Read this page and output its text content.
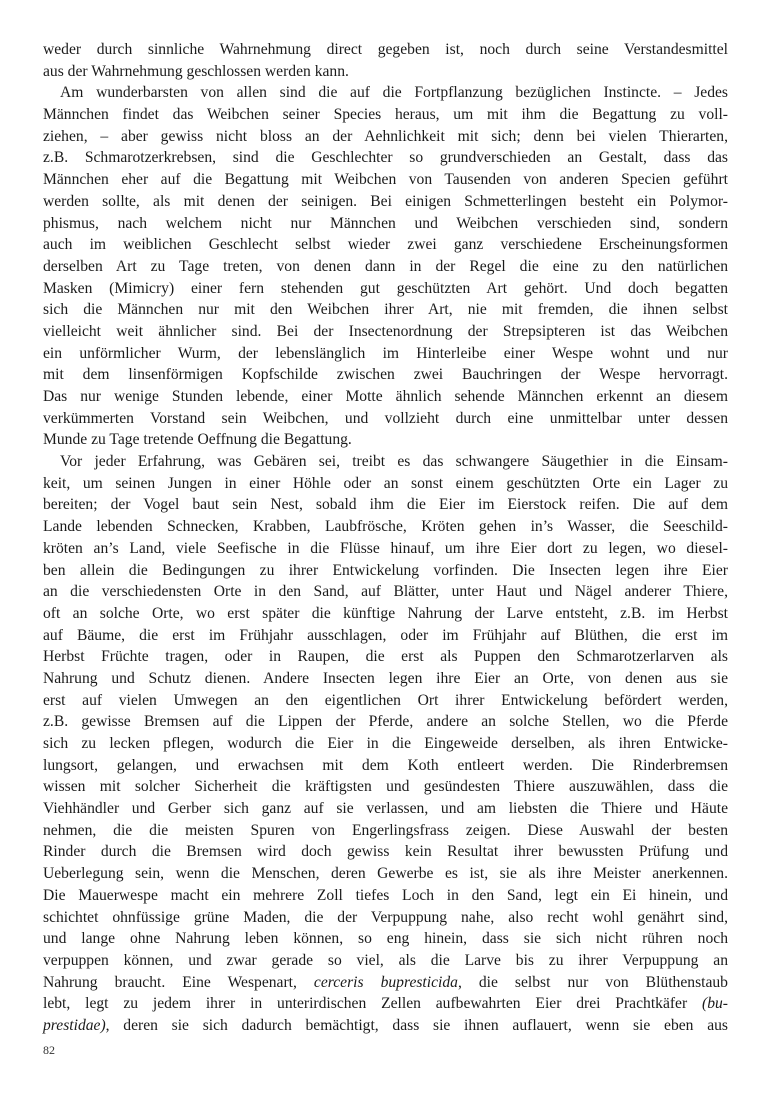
weder durch sinnliche Wahrnehmung direct gegeben ist, noch durch seine Verstandesmittel
aus der Wahrnehmung geschlossen werden kann.
Am wunderbarsten von allen sind die auf die Fortpflanzung bezüglichen Instincte. – Jedes
Männchen findet das Weibchen seiner Species heraus, um mit ihm die Begattung zu voll-
ziehen, – aber gewiss nicht bloss an der Aehnlichkeit mit sich; denn bei vielen Thierarten,
z.B. Schmarotzerkrebsen, sind die Geschlechter so grundverschieden an Gestalt, dass das
Männchen eher auf die Begattung mit Weibchen von Tausenden von anderen Specien geführt
werden sollte, als mit denen der seinigen. Bei einigen Schmetterlingen besteht ein Polymor-
phismus, nach welchem nicht nur Männchen und Weibchen verschieden sind, sondern
auch im weiblichen Geschlecht selbst wieder zwei ganz verschiedene Erscheinungsformen
derselben Art zu Tage treten, von denen dann in der Regel die eine zu den natürlichen
Masken (Mimicry) einer fern stehenden gut geschützten Art gehört. Und doch begatten
sich die Männchen nur mit den Weibchen ihrer Art, nie mit fremden, die ihnen selbst
vielleicht weit ähnlicher sind. Bei der Insectenordnung der Strepsipteren ist das Weibchen
ein unförmlicher Wurm, der lebenslänglich im Hinterleibe einer Wespe wohnt und nur
mit dem linsenförmigen Kopfschilde zwischen zwei Bauchringen der Wespe hervorragt.
Das nur wenige Stunden lebende, einer Motte ähnlich sehende Männchen erkennt an diesem
verkümmerten Vorstand sein Weibchen, und vollzieht durch eine unmittelbar unter dessen
Munde zu Tage tretende Oeffnung die Begattung.
Vor jeder Erfahrung, was Gebären sei, treibt es das schwangere Säugethier in die Einsam-
keit, um seinen Jungen in einer Höhle oder an sonst einem geschützten Orte ein Lager zu
bereiten; der Vogel baut sein Nest, sobald ihm die Eier im Eierstock reifen. Die auf dem
Lande lebenden Schnecken, Krabben, Laubfrösche, Kröten gehen in’s Wasser, die Seeschild-
kröten an’s Land, viele Seefische in die Flüsse hinauf, um ihre Eier dort zu legen, wo diesel-
ben allein die Bedingungen zu ihrer Entwickelung vorfinden. Die Insecten legen ihre Eier
an die verschiedensten Orte in den Sand, auf Blätter, unter Haut und Nägel anderer Thiere,
oft an solche Orte, wo erst später die künftige Nahrung der Larve entsteht, z.B. im Herbst
auf Bäume, die erst im Frühjahr ausschlagen, oder im Frühjahr auf Blüthen, die erst im
Herbst Früchte tragen, oder in Raupen, die erst als Puppen den Schmarotzerlarven als
Nahrung und Schutz dienen. Andere Insecten legen ihre Eier an Orte, von denen aus sie
erst auf vielen Umwegen an den eigentlichen Ort ihrer Entwickelung befördert werden,
z.B. gewisse Bremsen auf die Lippen der Pferde, andere an solche Stellen, wo die Pferde
sich zu lecken pflegen, wodurch die Eier in die Eingeweide derselben, als ihren Entwicke-
lungsort, gelangen, und erwachsen mit dem Koth entleert werden. Die Rinderbremsen
wissen mit solcher Sicherheit die kräftigsten und gesündesten Thiere auszuwählen, dass die
Viehhändler und Gerber sich ganz auf sie verlassen, und am liebsten die Thiere und Häute
nehmen, die die meisten Spuren von Engerlingsfrass zeigen. Diese Auswahl der besten
Rinder durch die Bremsen wird doch gewiss kein Resultat ihrer bewussten Prüfung und
Ueberlegung sein, wenn die Menschen, deren Gewerbe es ist, sie als ihre Meister anerkennen.
Die Mauerwespe macht ein mehrere Zoll tiefes Loch in den Sand, legt ein Ei hinein, und
schichtet ohnfüssige grüne Maden, die der Verpuppung nahe, also recht wohl genährt sind,
und lange ohne Nahrung leben können, so eng hinein, dass sie sich nicht rühren noch
verpuppen können, und zwar gerade so viel, als die Larve bis zu ihrer Verpuppung an
Nahrung braucht. Eine Wespenart, cerceris bupresticida, die selbst nur von Blüthenstaub
lebt, legt zu jedem ihrer in unterirdischen Zellen aufbewahrten Eier drei Prachtkäfer (bu-
prestidae), deren sie sich dadurch bemächtigt, dass sie ihnen auflauert, wenn sie eben aus
82
